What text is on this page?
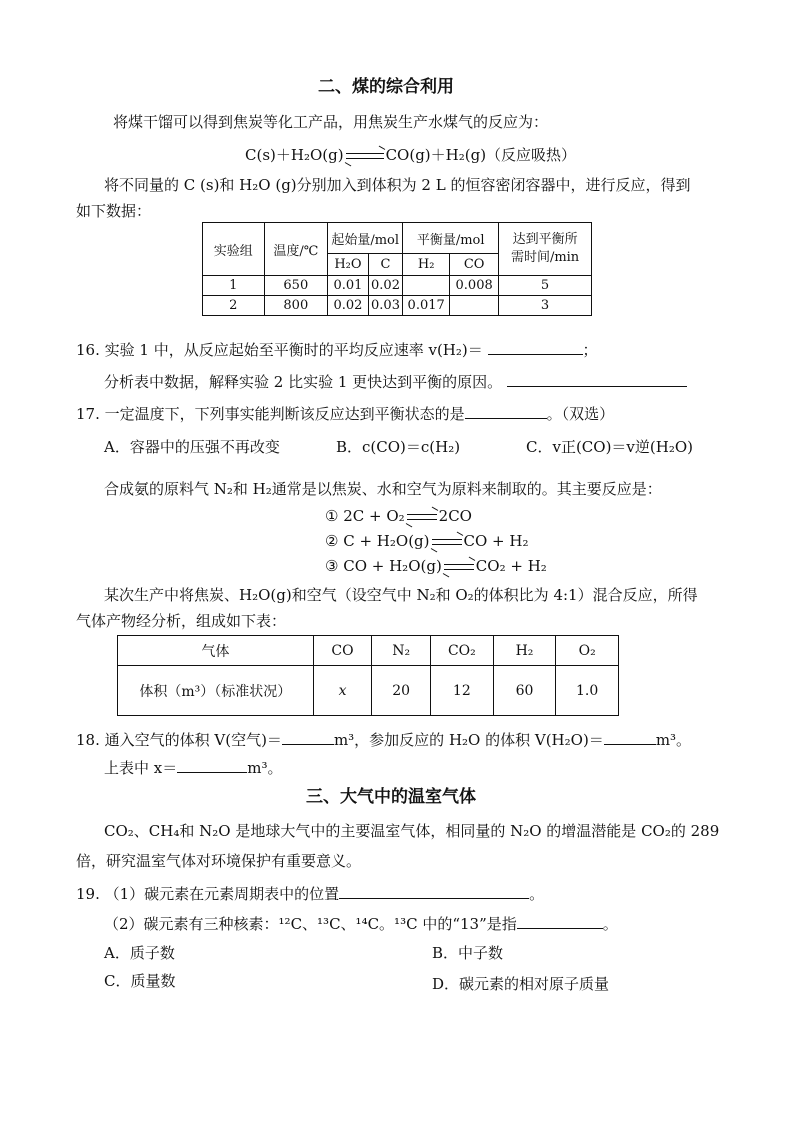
二、煤的综合利用
将煤干馏可以得到焦炭等化工产品，用焦炭生产水煤气的反应为：
C(s)＋H₂O(g)	CO(g)＋H₂(g)（反应吸热）
将不同量的 C (s)和 H₂O (g)分别加入到体积为 2 L 的恒容密闭容器中，进行反应，得到
如下数据：
实验组	温度/℃	起始量/mol		平衡量/mol		达到平衡所
需时间/min

		H₂O	C	H₂	CO	
1	650	0.01	0.02		0.008	5
2	800	0.02	0.03	0.017		3
16. 实验 1 中，从反应起始至平衡时的平均反应速率 v(H₂)＝	；
分析表中数据，解释实验 2 比实验 1 更快达到平衡的原因。
17. 一定温度下，下列事实能判断该反应达到平衡状态的是	。（双选）
A．容器中的压强不再改变	B．c(CO)＝c(H₂)	C．v正(CO)＝v逆(H₂O)
合成氨的原料气 N₂和 H₂通常是以焦炭、水和空气为原料来制取的。其主要反应是：
① 2C + O₂ 2CO
② C + H₂O(g) CO + H₂
③ CO + H₂O(g) CO₂ + H₂
某次生产中将焦炭、H₂O(g)和空气（设空气中 N₂和 O₂的体积比为 4:1）混合反应，所得
气体产物经分析，组成如下表：
气体	CO	N₂	CO₂	H₂	O₂
体积（m³）（标准状况）	x	20	12	60	1.0
18. 通入空气的体积 V(空气)＝	m³，参加反应的 H₂O 的体积 V(H₂O)＝	m³。
上表中 x＝	m³。
三、大气中的温室气体
CO₂、CH₄和 N₂O 是地球大气中的主要温室气体，相同量的 N₂O 的增温潜能是 CO₂的 289
倍，研究温室气体对环境保护有重要意义。
19. （1）碳元素在元素周期表中的位置	。
（2）碳元素有三种核素：¹²C、¹³C、¹⁴C。¹³C 中的“13”是指	。
A．质子数	B．中子数
C．质量数	D．碳元素的相对原子质量
